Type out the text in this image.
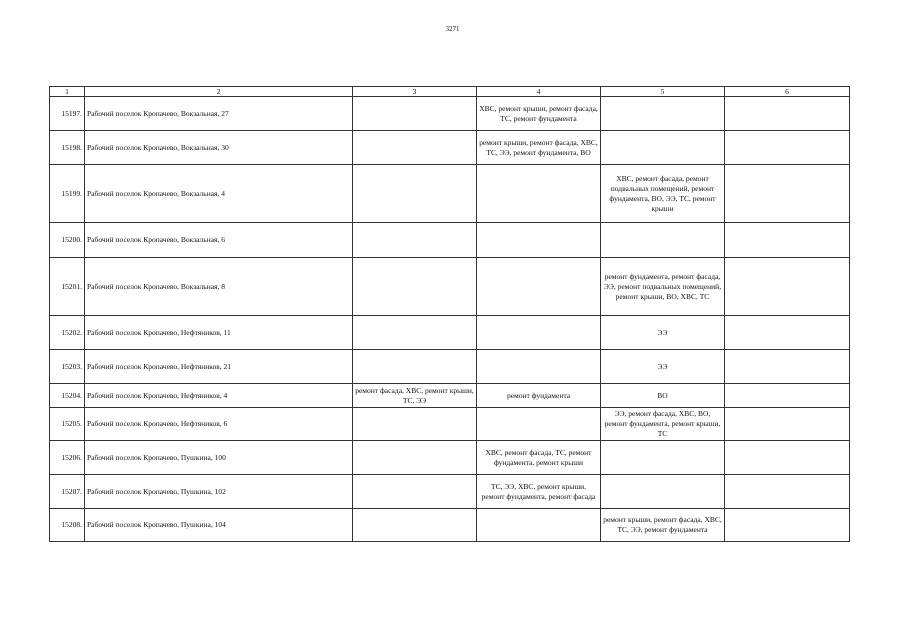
3271
1	2	3	4	5	6
15197.	Рабочий поселок Кропачево, Вокзальная, 27		ХВС, ремонт крыши, ремонт фасада, ТС, ремонт фундамента		
15198.	Рабочий поселок Кропачево, Вокзальная, 30		ремонт крыши, ремонт фасада, ХВС, ТС, ЭЭ, ремонт фундамента, ВО		
15199.	Рабочий поселок Кропачево, Вокзальная, 4			ХВС, ремонт фасада, ремонт подвальных помещений, ремонт фундамента, ВО, ЭЭ, ТС, ремонт крыши	
15200.	Рабочий поселок Кропачево, Вокзальная, 6				
15201.	Рабочий поселок Кропачево, Вокзальная, 8			ремонт фундамента, ремонт фасада, ЭЭ, ремонт подвальных помещений, ремонт крыши, ВО, ХВС, ТС	
15202.	Рабочий поселок Кропачево, Нефтяников, 11			ЭЭ	
15203.	Рабочий поселок Кропачево, Нефтяников, 21			ЭЭ	
15204.	Рабочий поселок Кропачево, Нефтяников, 4	ремонт фасада, ХВС, ремонт крыши, ТС, ЭЭ	ремонт фундамента	ВО	
15205.	Рабочий поселок Кропачево, Нефтяников, 6			ЭЭ, ремонт фасада, ХВС, ВО, ремонт фундамента, ремонт крыши, ТС	
15206.	Рабочий поселок Кропачево, Пушкина, 100		ХВС, ремонт фасада, ТС, ремонт фундамента, ремонт крыши		
15207.	Рабочий поселок Кропачево, Пушкина, 102		ТС, ЭЭ, ХВС, ремонт крыши, ремонт фундамента, ремонт фасада		
15208.	Рабочий поселок Кропачево, Пушкина, 104			ремонт крыши, ремонт фасада, ХВС, ТС, ЭЭ, ремонт фундамента	
